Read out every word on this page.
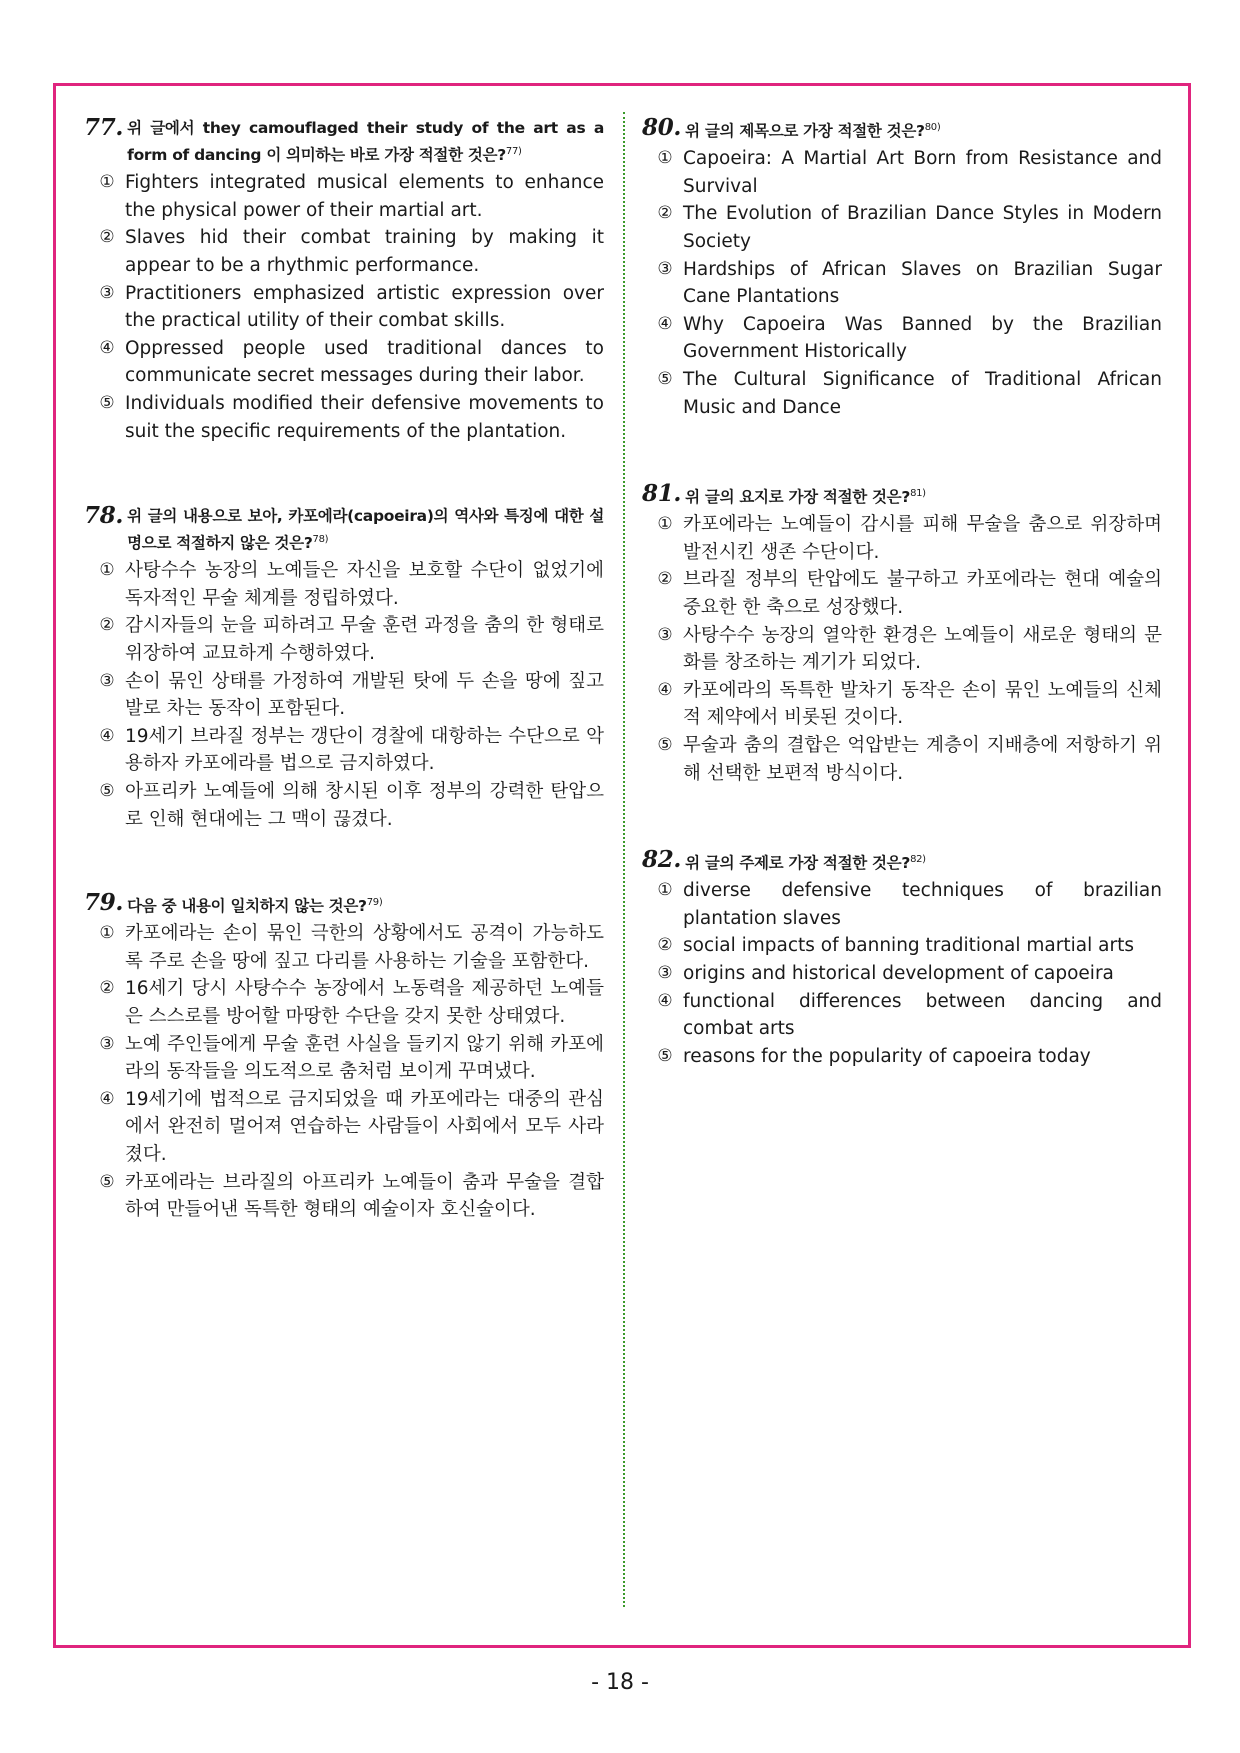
77. 위 글에서 they camouflaged their study of the art as a form of dancing 이 의미하는 바로 가장 적절한 것은?$^{77)}$
① Fighters integrated musical elements to enhance the physical power of their martial art.
② Slaves hid their combat training by making it appear to be a rhythmic performance.
③ Practitioners emphasized artistic expression over the practical utility of their combat skills.
④ Oppressed people used traditional dances to communicate secret messages during their labor.
⑤ Individuals modified their defensive movements to suit the specific requirements of the plantation.
78. 위 글의 내용으로 보아, 카포에라(capoeira)의 역사와 특징에 대한 설명으로 적절하지 않은 것은?$^{78)}$
① 사탕수수 농장의 노예들은 자신을 보호할 수단이 없었기에 독자적인 무술 체계를 정립하였다.
② 감시자들의 눈을 피하려고 무술 훈련 과정을 춤의 한 형태로 위장하여 교묘하게 수행하였다.
③ 손이 묶인 상태를 가정하여 개발된 탓에 두 손을 땅에 짚고 발로 차는 동작이 포함된다.
④ 19세기 브라질 정부는 갱단이 경찰에 대항하는 수단으로 악용하자 카포에라를 법으로 금지하였다.
⑤ 아프리카 노예들에 의해 창시된 이후 정부의 강력한 탄압으로 인해 현대에는 그 맥이 끊겼다.
79. 다음 중 내용이 일치하지 않는 것은?$^{79)}$
① 카포에라는 손이 묶인 극한의 상황에서도 공격이 가능하도록 주로 손을 땅에 짚고 다리를 사용하는 기술을 포함한다.
② 16세기 당시 사탕수수 농장에서 노동력을 제공하던 노예들은 스스로를 방어할 마땅한 수단을 갖지 못한 상태였다.
③ 노예 주인들에게 무술 훈련 사실을 들키지 않기 위해 카포에라의 동작들을 의도적으로 춤처럼 보이게 꾸며냈다.
④ 19세기에 법적으로 금지되었을 때 카포에라는 대중의 관심에서 완전히 멀어져 연습하는 사람들이 사회에서 모두 사라졌다.
⑤ 카포에라는 브라질의 아프리카 노예들이 춤과 무술을 결합하여 만들어낸 독특한 형태의 예술이자 호신술이다.
80. 위 글의 제목으로 가장 적절한 것은?$^{80)}$
① Capoeira: A Martial Art Born from Resistance and Survival
② The Evolution of Brazilian Dance Styles in Modern Society
③ Hardships of African Slaves on Brazilian Sugar Cane Plantations
④ Why Capoeira Was Banned by the Brazilian Government Historically
⑤ The Cultural Significance of Traditional African Music and Dance
81. 위 글의 요지로 가장 적절한 것은?$^{81)}$
① 카포에라는 노예들이 감시를 피해 무술을 춤으로 위장하며 발전시킨 생존 수단이다.
② 브라질 정부의 탄압에도 불구하고 카포에라는 현대 예술의 중요한 한 축으로 성장했다.
③ 사탕수수 농장의 열악한 환경은 노예들이 새로운 형태의 문화를 창조하는 계기가 되었다.
④ 카포에라의 독특한 발차기 동작은 손이 묶인 노예들의 신체적 제약에서 비롯된 것이다.
⑤ 무술과 춤의 결합은 억압받는 계층이 지배층에 저항하기 위해 선택한 보편적 방식이다.
82. 위 글의 주제로 가장 적절한 것은?$^{82)}$
① diverse defensive techniques of brazilian plantation slaves
② social impacts of banning traditional martial arts
③ origins and historical development of capoeira
④ functional differences between dancing and combat arts
⑤ reasons for the popularity of capoeira today
- 18 -
